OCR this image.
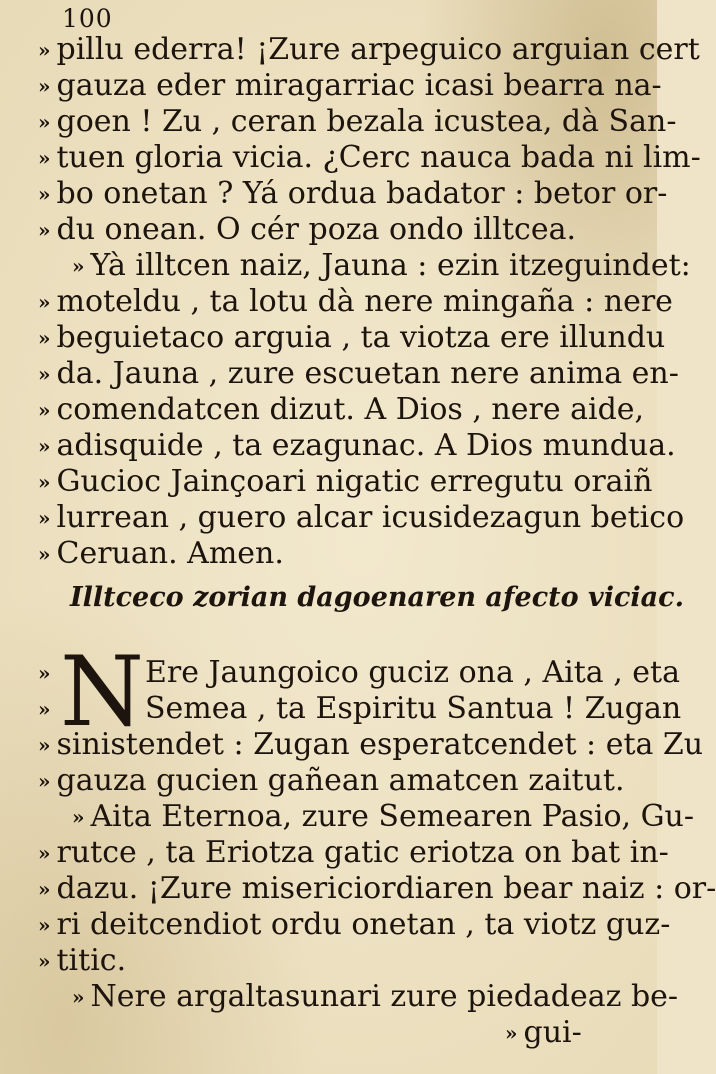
100
» pillu ederra! ¡Zure arpeguico arguian cert
» gauza eder miragarriac icasi bearra na-
» goen ! Zu , ceran bezala icustea, dà San-
» tuen gloria vicia. ¿Cerc nauca bada ni lim-
» bo onetan ? Yá ordua badator : betor or-
» du onean. O cér poza ondo illtcea.
» Yà illtcen naiz, Jauna : ezin itzeguindet:
» moteldu , ta lotu dà nere mingaña : nere
» beguietaco arguia , ta viotza ere illundu
» da. Jauna , zure escuetan nere anima en-
» comendatcen dizut. A Dios , nere aide,
» adisquide , ta ezagunac. A Dios mundua.
» Gucioc Jainçoari nigatic erregutu oraiñ
» lurrean , guero alcar icusidezagun betico
» Ceruan. Amen.
Illtceco zorian dagoenaren afecto viciac.
N
»	Ere Jaungoico guciz ona , Aita , eta
»	Semea , ta Espiritu Santua ! Zugan
» sinistendet : Zugan esperatcendet : eta Zu
» gauza gucien gañean amatcen zaitut.
» Aita Eternoa, zure Semearen Pasio, Gu-
» rutce , ta Eriotza gatic eriotza on bat in-
» dazu. ¡Zure misericiordiaren bear naiz : or-
» ri deitcendiot ordu onetan , ta viotz guz-
» titic.
» Nere argaltasunari zure piedadeaz be-
» gui-
